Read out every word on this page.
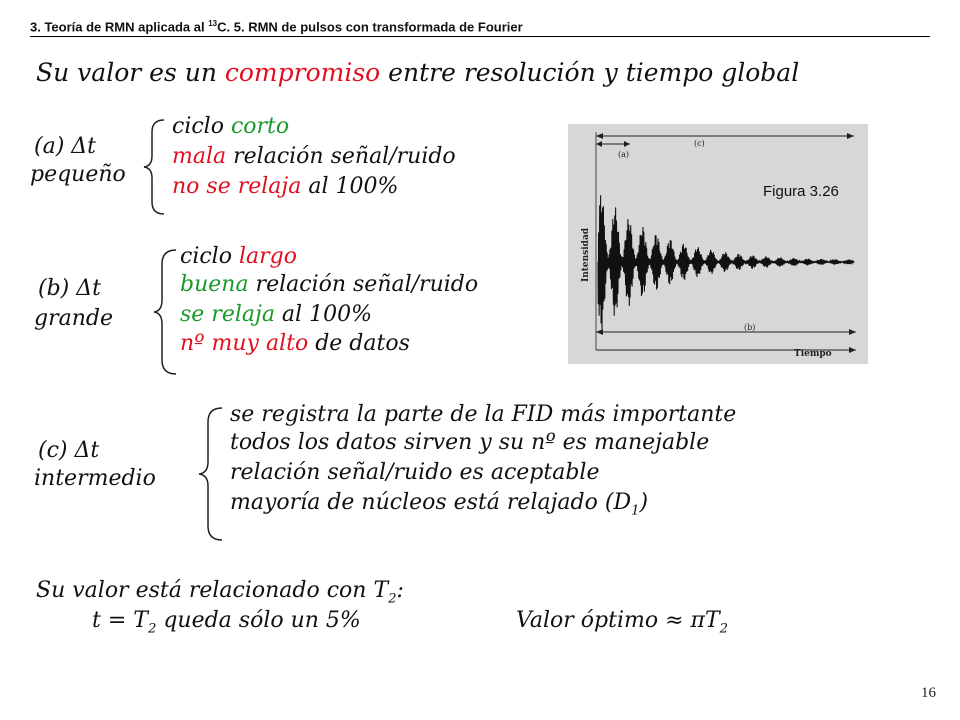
3. Teoría de RMN aplicada al $^{13}$C. 5. RMN de pulsos con transformada de Fourier
Su valor es un compromiso entre resolución y tiempo global
(a) Δt
pequeño
ciclo corto
mala relación señal/ruido
no se relaja al 100%
(b) Δt
grande
ciclo largo
buena relación señal/ruido
se relaja al 100%
nº muy alto de datos
(c) Δt
intermedio
se registra la parte de la FID más importante
todos los datos sirven y su nº es manejable
relación señal/ruido es aceptable
mayoría de núcleos está relajado $(D_1)$
Su valor está relacionado con $T_2$:
$t = T_2$ queda sólo un 5%	Valor óptimo ≈ $\pi T_2$
(c)
(a)
Intensidad
(b)
Tiempo
Figura 3.26
16
